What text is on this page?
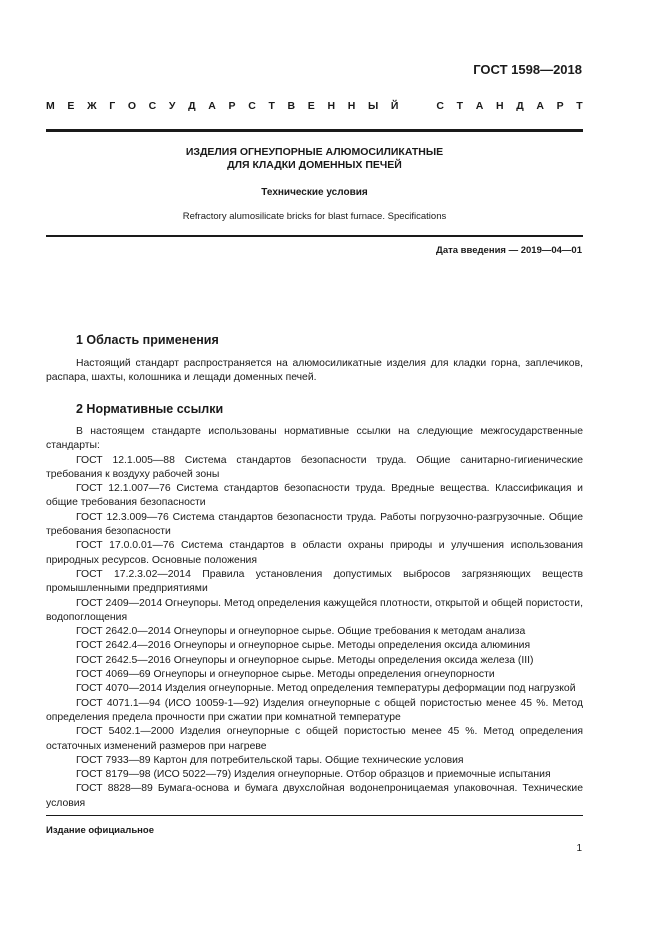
ГОСТ 1598—2018
М Е Ж Г О С У Д А Р С Т В Е Н Н Ы Й	С Т А Н Д А Р Т
ИЗДЕЛИЯ ОГНЕУПОРНЫЕ АЛЮМОСИЛИКАТНЫЕ
ДЛЯ КЛАДКИ ДОМЕННЫХ ПЕЧЕЙ
Технические условия
Refractory alumosilicate bricks for blast furnace. Specifications
Дата введения — 2019—04—01
1 Область применения

Настоящий стандарт распространяется на алюмосиликатные изделия для кладки горна, заплечиков, распара, шахты, колошника и лещади доменных печей.

2 Нормативные ссылки

В настоящем стандарте использованы нормативные ссылки на следующие межгосударственные стандарты:

ГОСТ 12.1.005—88 Система стандартов безопасности труда. Общие санитарно-гигиенические требования к воздуху рабочей зоны

ГОСТ 12.1.007—76 Система стандартов безопасности труда. Вредные вещества. Классификация и общие требования безопасности

ГОСТ 12.3.009—76 Система стандартов безопасности труда. Работы погрузочно-разгрузочные. Общие требования безопасности

ГОСТ 17.0.0.01—76 Система стандартов в области охраны природы и улучшения использования природных ресурсов. Основные положения

ГОСТ 17.2.3.02—2014 Правила установления допустимых выбросов загрязняющих веществ промышленными предприятиями

ГОСТ 2409—2014 Огнеупоры. Метод определения кажущейся плотности, открытой и общей пористости, водопоглощения

ГОСТ 2642.0—2014 Огнеупоры и огнеупорное сырье. Общие требования к методам анализа

ГОСТ 2642.4—2016 Огнеупоры и огнеупорное сырье. Методы определения оксида алюминия

ГОСТ 2642.5—2016 Огнеупоры и огнеупорное сырье. Методы определения оксида железа (III)

ГОСТ 4069—69 Огнеупоры и огнеупорное сырье. Методы определения огнеупорности

ГОСТ 4070—2014 Изделия огнеупорные. Метод определения температуры деформации под нагрузкой

ГОСТ 4071.1—94 (ИСО 10059-1—92) Изделия огнеупорные с общей пористостью менее 45 %. Метод определения предела прочности при сжатии при комнатной температуре

ГОСТ 5402.1—2000 Изделия огнеупорные с общей пористостью менее 45 %. Метод определения остаточных изменений размеров при нагреве

ГОСТ 7933—89 Картон для потребительской тары. Общие технические условия

ГОСТ 8179—98 (ИСО 5022—79) Изделия огнеупорные. Отбор образцов и приемочные испытания

ГОСТ 8828—89 Бумага-основа и бумага двухслойная водонепроницаемая упаковочная. Технические условия

Издание официальное
1
